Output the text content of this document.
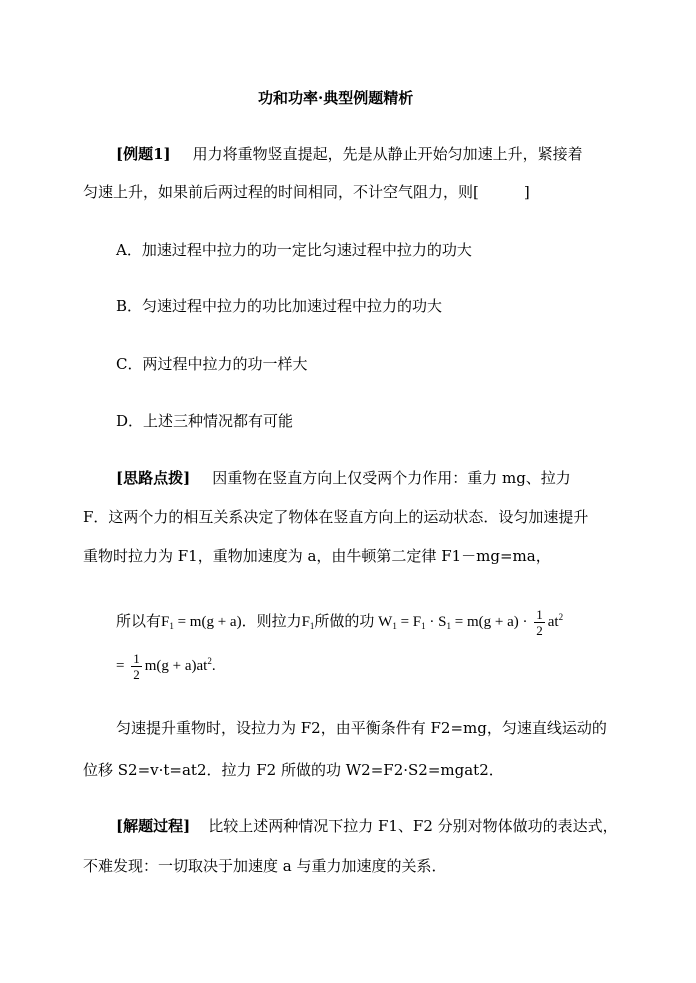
功和功率·典型例题精析
[例题1] 用力将重物竖直提起，先是从静止开始匀加速上升，紧接着
匀速上升，如果前后两过程的时间相同，不计空气阻力，则[　　　]
A．加速过程中拉力的功一定比匀速过程中拉力的功大
B．匀速过程中拉力的功比加速过程中拉力的功大
C．两过程中拉力的功一样大
D．上述三种情况都有可能
[思路点拨] 因重物在竖直方向上仅受两个力作用：重力 mg、拉力
F．这两个力的相互关系决定了物体在竖直方向上的运动状态．设匀加速提升
重物时拉力为 F1，重物加速度为 a，由牛顿第二定律 F1－mg=ma，
所以有$F_1 = m(g + a)$．则拉力$F_1$所做的功 $W_1 = F_1 \cdot S_1 = m(g + a) \cdot \frac{1}{2} at^2$
= $\frac{1}{2} m(g + a)at^2$.
匀速提升重物时，设拉力为 F2，由平衡条件有 F2=mg，匀速直线运动的
位移 S2=v·t=at2．拉力 F2 所做的功 W2=F2·S2=mgat2．
[解题过程] 比较上述两种情况下拉力 F1、F2 分别对物体做功的表达式，
不难发现：一切取决于加速度 a 与重力加速度的关系．
